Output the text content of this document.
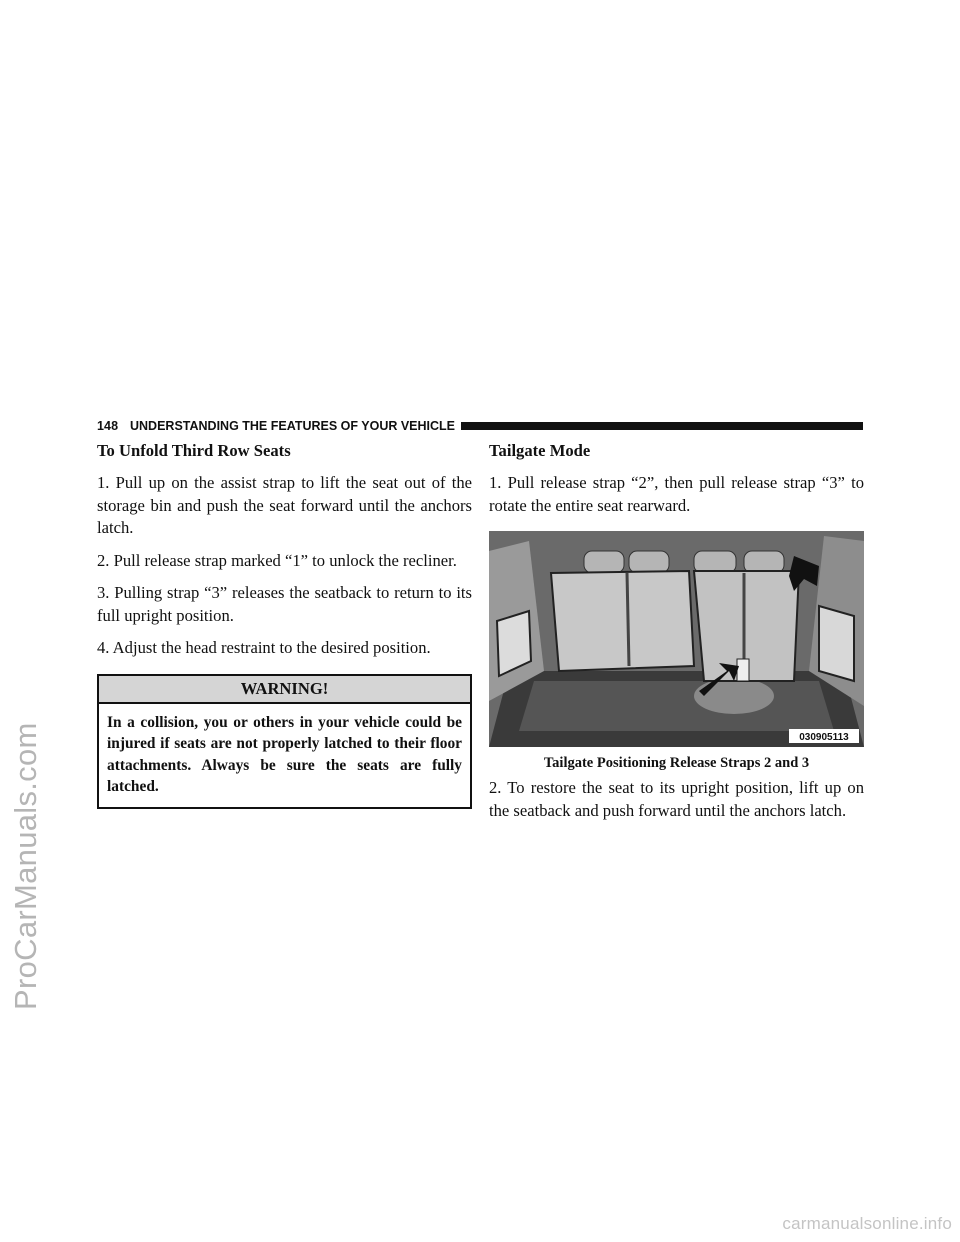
ProCarManuals.com
148 UNDERSTANDING THE FEATURES OF YOUR VEHICLE
To Unfold Third Row Seats

1. Pull up on the assist strap to lift the seat out of the storage bin and push the seat forward until the anchors latch.

2. Pull release strap marked “1” to unlock the recliner.

3. Pulling strap “3” releases the seatback to return to its full upright position.

4. Adjust the head restraint to the desired position.

WARNING!
In a collision, you or others in your vehicle could be injured if seats are not properly latched to their floor attachments. Always be sure the seats are fully latched.
Tailgate Mode

1. Pull release strap “2”, then pull release strap “3” to rotate the entire seat rearward.

030905113
Tailgate Positioning Release Straps 2 and 3

2. To restore the seat to its upright position, lift up on the seatback and push forward until the anchors latch.

carmanualsonline.info
